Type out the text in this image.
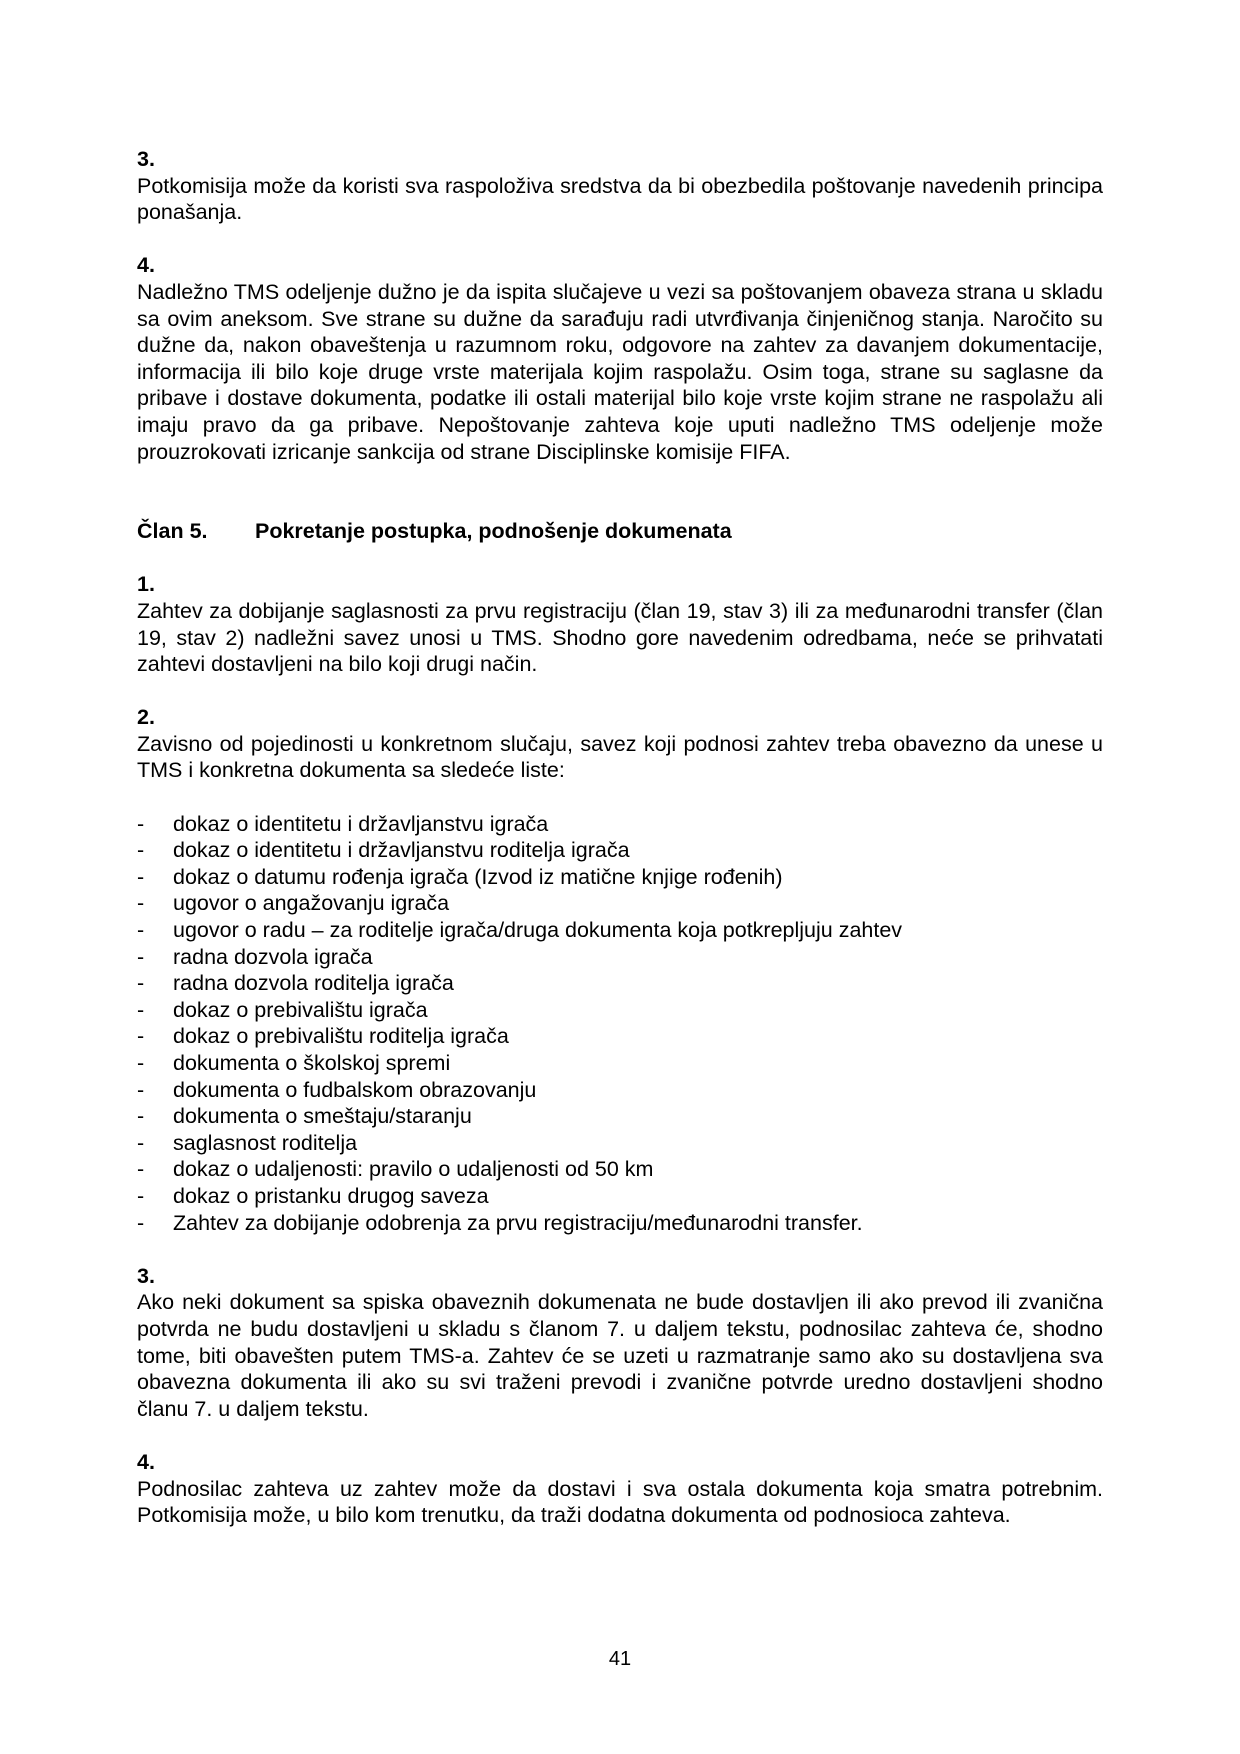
3.

Potkomisija može da koristi sva raspoloživa sredstva da bi obezbedila poštovanje navedenih principa ponašanja.

4.

Nadležno TMS odeljenje dužno je da ispita slučajeve u vezi sa poštovanjem obaveza strana u skladu sa ovim aneksom. Sve strane su dužne da sarađuju radi utvrđivanja činjeničnog stanja. Naročito su dužne da, nakon obaveštenja u razumnom roku, odgovore na zahtev za davanjem dokumentacije, informacija ili bilo koje druge vrste materijala kojim raspolažu. Osim toga, strane su saglasne da pribave i dostave dokumenta, podatke ili ostali materijal bilo koje vrste kojim strane ne raspolažu ali imaju pravo da ga pribave. Nepoštovanje zahteva koje uputi nadležno TMS odeljenje može prouzrokovati izricanje sankcija od strane Disciplinske komisije FIFA.

Član 5.	Pokretanje postupka, podnošenje dokumenata

1.

Zahtev za dobijanje saglasnosti za prvu registraciju (član 19, stav 3) ili za međunarodni transfer (član 19, stav 2) nadležni savez unosi u TMS. Shodno gore navedenim odredbama, neće se prihvatati zahtevi dostavljeni na bilo koji drugi način.

2.

Zavisno od pojedinosti u konkretnom slučaju, savez koji podnosi zahtev treba obavezno da unese u TMS i konkretna dokumenta sa sledeće liste:

-	dokaz o identitetu i državljanstvu igrača
-	dokaz o identitetu i državljanstvu roditelja igrača
-	dokaz o datumu rođenja igrača (Izvod iz matične knjige rođenih)
-	ugovor o angažovanju igrača
-	ugovor o radu – za roditelje igrača/druga dokumenta koja potkrepljuju zahtev
-	radna dozvola igrača
-	radna dozvola roditelja igrača
-	dokaz o prebivalištu igrača
-	dokaz o prebivalištu roditelja igrača
-	dokumenta o školskoj spremi
-	dokumenta o fudbalskom obrazovanju
-	dokumenta o smeštaju/staranju
-	saglasnost roditelja
-	dokaz o udaljenosti: pravilo o udaljenosti od 50 km
-	dokaz o pristanku drugog saveza
-	Zahtev za dobijanje odobrenja za prvu registraciju/međunarodni transfer.

3.

Ako neki dokument sa spiska obaveznih dokumenata ne bude dostavljen ili ako prevod ili zvanična potvrda ne budu dostavljeni u skladu s članom 7. u daljem tekstu, podnosilac zahteva će, shodno tome, biti obavešten putem TMS-a. Zahtev će se uzeti u razmatranje samo ako su dostavljena sva obavezna dokumenta ili ako su svi traženi prevodi i zvanične potvrde uredno dostavljeni shodno članu 7. u daljem tekstu.

4.

Podnosilac zahteva uz zahtev može da dostavi i sva ostala dokumenta koja smatra potrebnim. Potkomisija može, u bilo kom trenutku, da traži dodatna dokumenta od podnosioca zahteva.

41
